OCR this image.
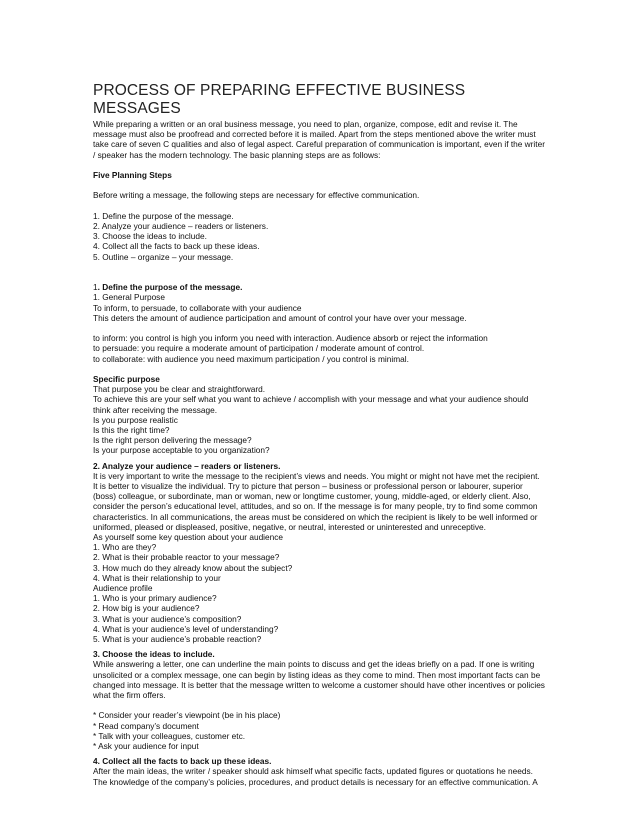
PROCESS OF PREPARING EFFECTIVE BUSINESS MESSAGES

While preparing a written or an oral business message, you need to plan, organize, compose, edit and revise it. The message must also be proofread and corrected before it is mailed. Apart from the steps mentioned above the writer must take care of seven C qualities and also of legal aspect. Careful preparation of communication is important, even if the writer / speaker has the modern technology. The basic planning steps are as follows:

Five Planning Steps

Before writing a message, the following steps are necessary for effective communication.

1. Define the purpose of the message.

2. Analyze your audience – readers or listeners.

3. Choose the ideas to include.

4. Collect all the facts to back up these ideas.

5. Outline – organize – your message.

1. Define the purpose of the message.

1. General Purpose

To inform, to persuade, to collaborate with your audience

This deters the amount of audience participation and amount of control your have over your message.

to inform: you control is high you inform you need with interaction. Audience absorb or reject the information

to persuade: you require a moderate amount of participation / moderate amount of control.

to collaborate: with audience you need maximum participation / you control is minimal.

Specific purpose

That purpose you be clear and straightforward.

To achieve this are your self what you want to achieve / accomplish with your message and what your audience should think after receiving the message.

Is you purpose realistic

Is this the right time?

Is the right person delivering the message?

Is your purpose acceptable to you organization?

2. Analyze your audience – readers or listeners.

It is very important to write the message to the recipient’s views and needs. You might or might not have met the recipient. It is better to visualize the individual. Try to picture that person – business or professional person or labourer, superior (boss) colleague, or subordinate, man or woman, new or longtime customer, young, middle-aged, or elderly client. Also, consider the person’s educational level, attitudes, and so on. If the message is for many people, try to find some common characteristics. In all communications, the areas must be considered on which the recipient is likely to be well informed or uniformed, pleased or displeased, positive, negative, or neutral, interested or uninterested and unreceptive.

As yourself some key question about your audience

1. Who are they?

2. What is their probable reactor to your message?

3. How much do they already know about the subject?

4. What is their relationship to your

Audience profile

1. Who is your primary audience?

2. How big is your audience?

3. What is your audience’s composition?

4. What is your audience’s level of understanding?

5. What is your audience’s probable reaction?

3. Choose the ideas to include.

While answering a letter, one can underline the main points to discuss and get the ideas briefly on a pad. If one is writing unsolicited or a complex message, one can begin by listing ideas as they come to mind. Then most important facts can be changed into message. It is better that the message written to welcome a customer should have other incentives or policies what the firm offers.

* Consider your reader’s viewpoint (be in his place)

* Read company’s document

* Talk with your colleagues, customer etc.

* Ask your audience for input

4. Collect all the facts to back up these ideas.

After the main ideas, the writer / speaker should ask himself what specific facts, updated figures or quotations he needs. The knowledge of the company’s policies, procedures, and product details is necessary for an effective communication. A
